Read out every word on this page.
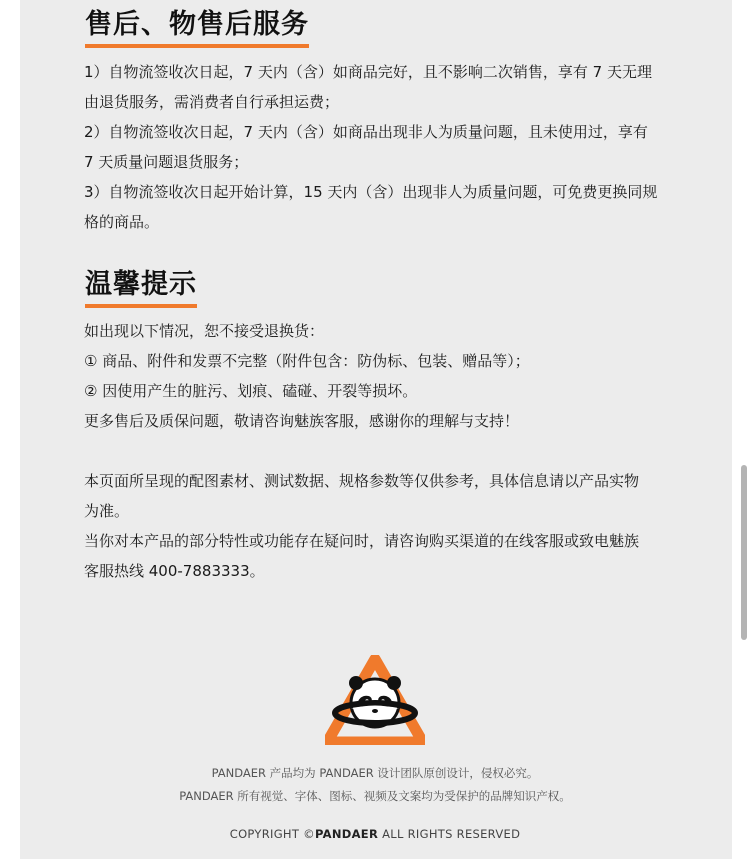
售后、物售后服务
1）自物流签收次日起，7 天内（含）如商品完好，且不影响二次销售，享有 7 天无理
由退货服务，需消费者自行承担运费；
2）自物流签收次日起，7 天内（含）如商品出现非人为质量问题，且未使用过，享有
7 天质量问题退货服务；
3）自物流签收次日起开始计算，15 天内（含）出现非人为质量问题，可免费更换同规
格的商品。
温馨提示
如出现以下情况，恕不接受退换货：
① 商品、附件和发票不完整（附件包含：防伪标、包装、赠品等）；
② 因使用产生的脏污、划痕、磕碰、开裂等损坏。
更多售后及质保问题，敬请咨询魅族客服，感谢你的理解与支持！
本页面所呈现的配图素材、测试数据、规格参数等仅供参考，具体信息请以产品实物
为准。
当你对本产品的部分特性或功能存在疑问时，请咨询购买渠道的在线客服或致电魅族
客服热线 400-7883333。
PANDAER 产品均为 PANDAER 设计团队原创设计，侵权必究。
PANDAER 所有视觉、字体、图标、视频及文案均为受保护的品牌知识产权。
COPYRIGHT ©PANDAER ALL RIGHTS RESERVED
